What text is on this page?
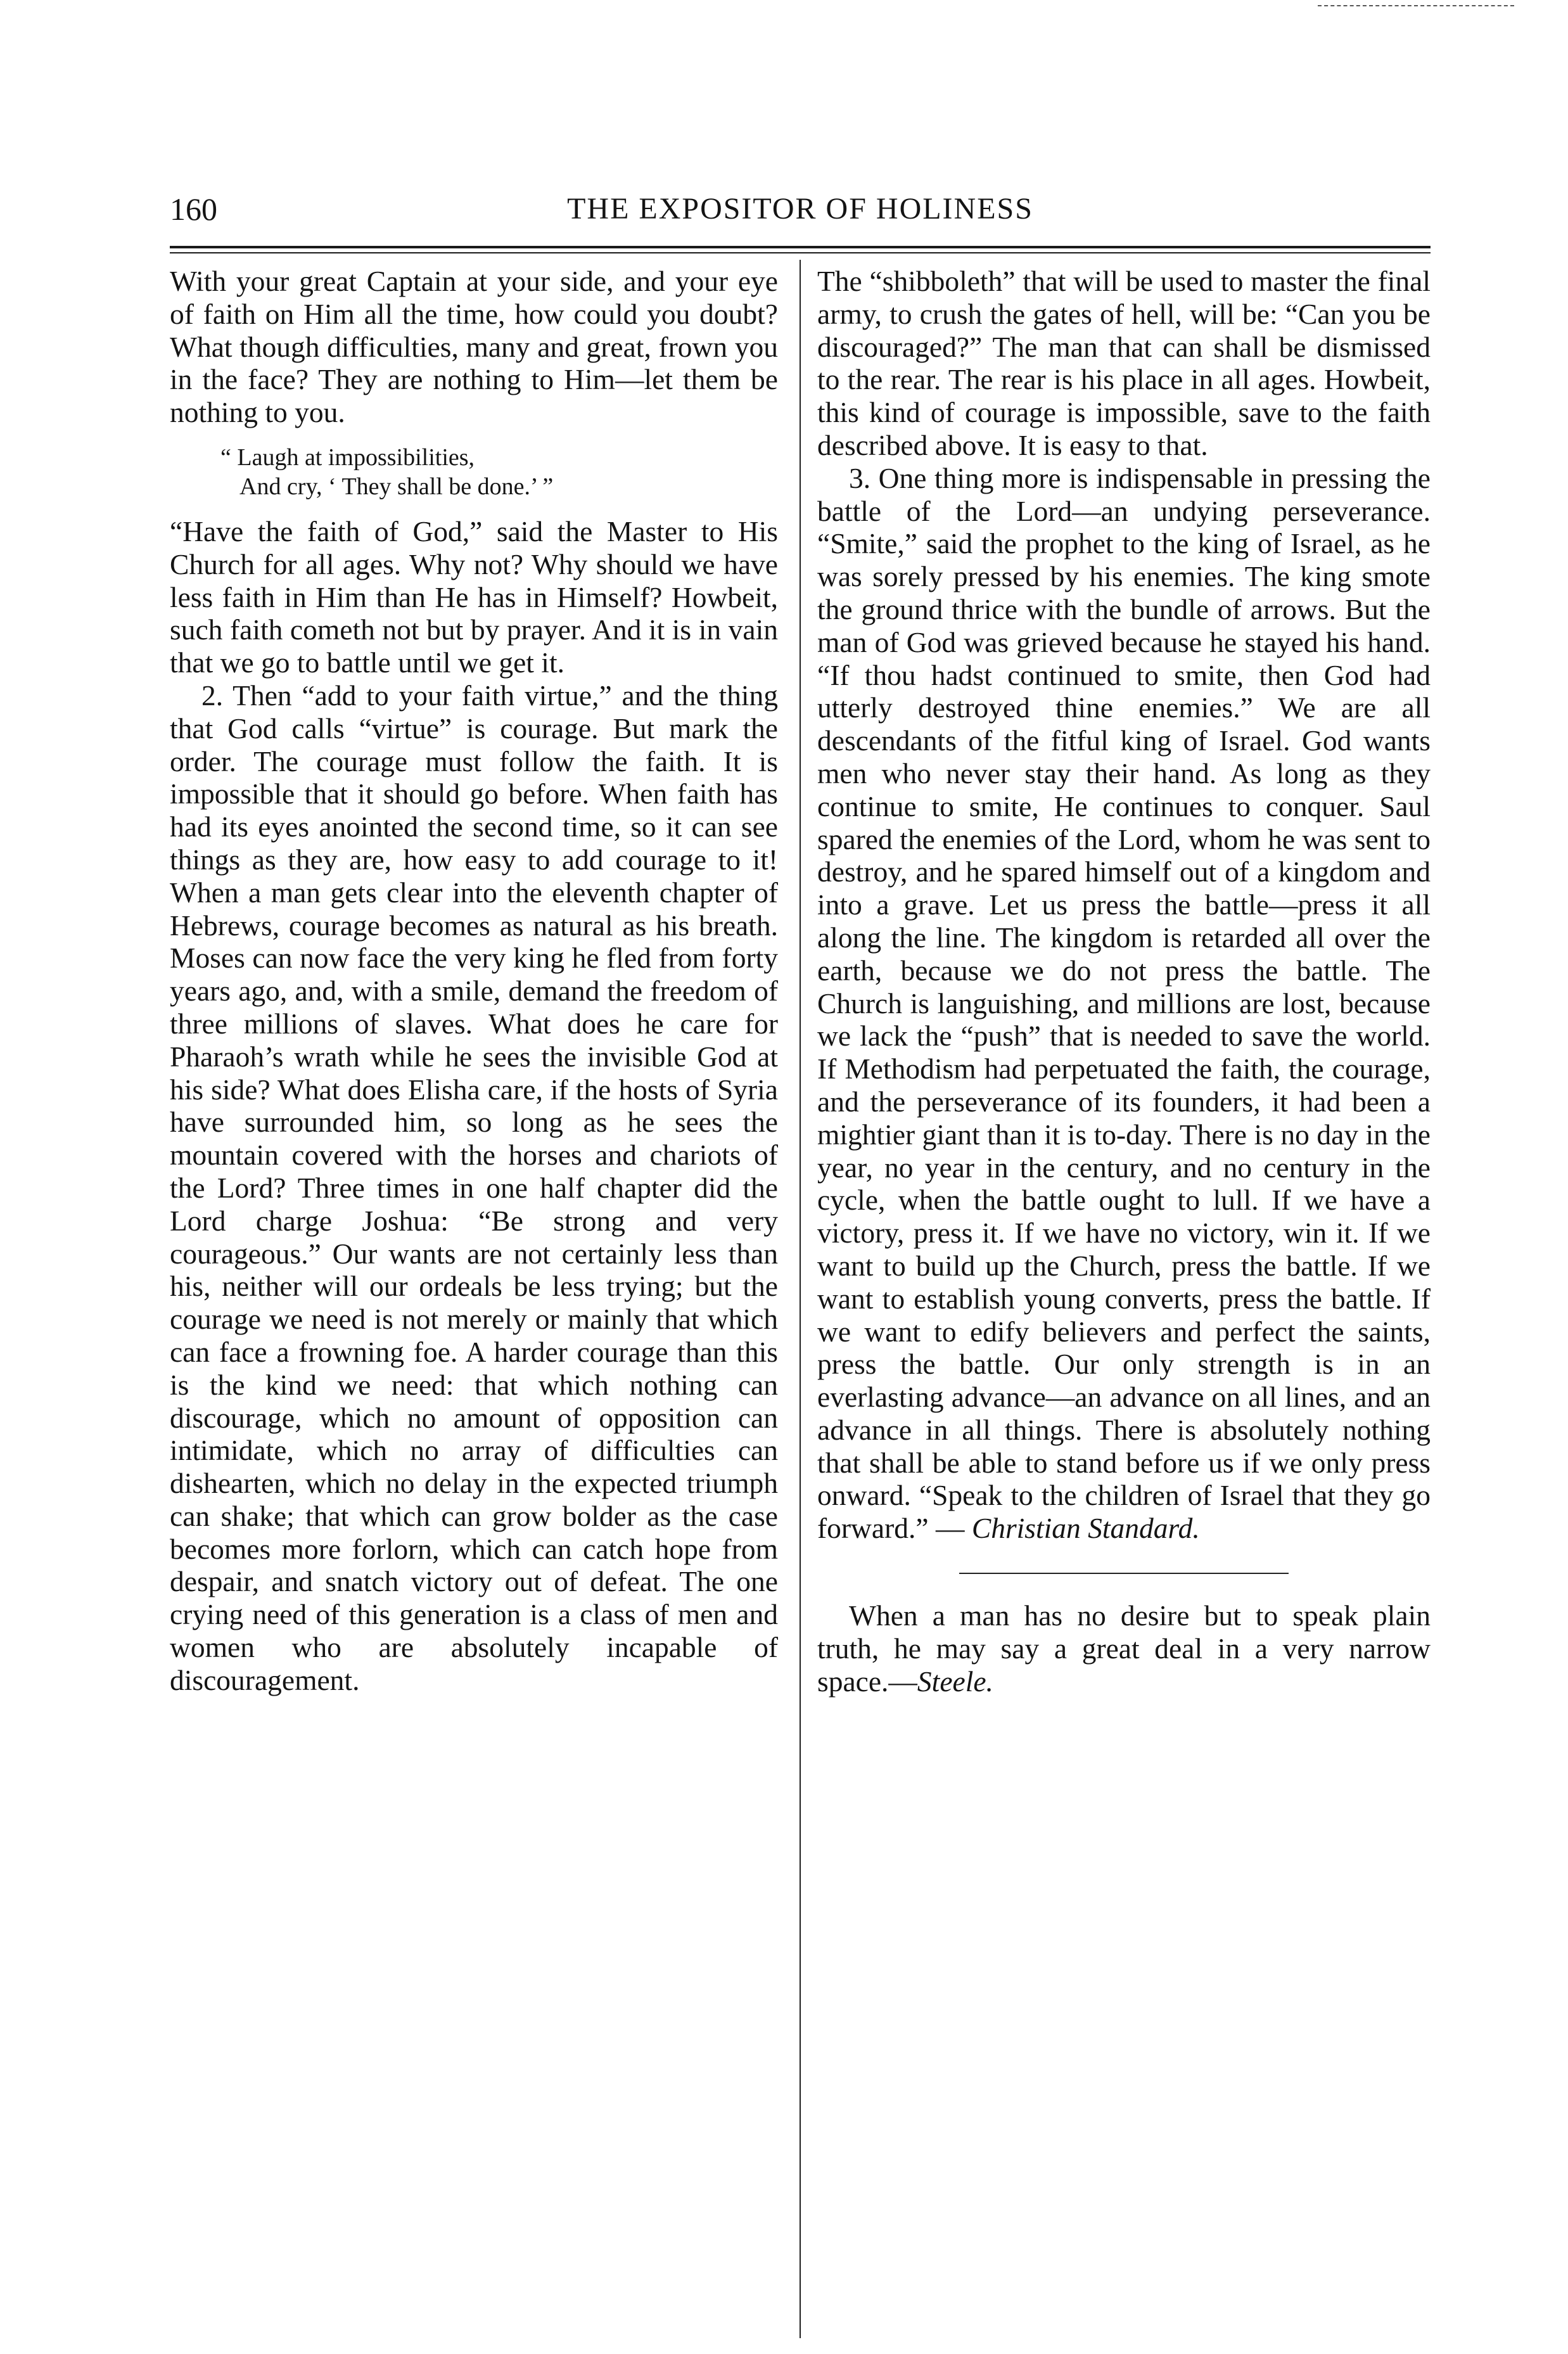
160	THE EXPOSITOR OF HOLINESS

With your great Captain at your side, and your eye of faith on Him all the time, how could you doubt? What though difficulties, many and great, frown you in the face? They are nothing to Him—let them be nothing to you.

“ Laugh at impossibilities,
And cry, ‘ They shall be done.’ ”

“Have the faith of God,” said the Master to His Church for all ages. Why not? Why should we have less faith in Him than He has in Himself? Howbeit, such faith cometh not but by prayer. And it is in vain that we go to battle until we get it.

2. Then “add to your faith virtue,” and the thing that God calls “virtue” is courage. But mark the order. The courage must follow the faith. It is impossible that it should go before. When faith has had its eyes anointed the second time, so it can see things as they are, how easy to add courage to it! When a man gets clear into the eleventh chapter of Hebrews, courage becomes as natural as his breath. Moses can now face the very king he fled from forty years ago, and, with a smile, demand the freedom of three millions of slaves. What does he care for Pharaoh’s wrath while he sees the invisible God at his side? What does Elisha care, if the hosts of Syria have surrounded him, so long as he sees the mountain covered with the horses and chariots of the Lord? Three times in one half chapter did the Lord charge Joshua: “Be strong and very courageous.” Our wants are not certainly less than his, neither will our ordeals be less trying; but the courage we need is not merely or mainly that which can face a frowning foe. A harder courage than this is the kind we need: that which nothing can discourage, which no amount of opposition can intimidate, which no array of difficulties can dishearten, which no delay in the expected triumph can shake; that which can grow bolder as the case becomes more forlorn, which can catch hope from despair, and snatch victory out of defeat. The one crying need of this generation is a class of men and women who are absolutely incapable of discouragement.

The “shibboleth” that will be used to master the final army, to crush the gates of hell, will be: “Can you be discouraged?” The man that can shall be dismissed to the rear. The rear is his place in all ages. Howbeit, this kind of courage is impossible, save to the faith described above. It is easy to that.

3. One thing more is indispensable in pressing the battle of the Lord—an undying perseverance. “Smite,” said the prophet to the king of Israel, as he was sorely pressed by his enemies. The king smote the ground thrice with the bundle of arrows. But the man of God was grieved because he stayed his hand. “If thou hadst continued to smite, then God had utterly destroyed thine enemies.” We are all descendants of the fitful king of Israel. God wants men who never stay their hand. As long as they continue to smite, He continues to conquer. Saul spared the enemies of the Lord, whom he was sent to destroy, and he spared himself out of a kingdom and into a grave. Let us press the battle—press it all along the line. The kingdom is retarded all over the earth, because we do not press the battle. The Church is languishing, and millions are lost, because we lack the “push” that is needed to save the world. If Methodism had perpetuated the faith, the courage, and the perseverance of its founders, it had been a mightier giant than it is to-day. There is no day in the year, no year in the century, and no century in the cycle, when the battle ought to lull. If we have a victory, press it. If we have no victory, win it. If we want to build up the Church, press the battle. If we want to establish young converts, press the battle. If we want to edify believers and perfect the saints, press the battle. Our only strength is in an everlasting advance—an advance on all lines, and an advance in all things. There is absolutely nothing that shall be able to stand before us if we only press onward. “Speak to the children of Israel that they go forward.” — Christian Standard.

When a man has no desire but to speak plain truth, he may say a great deal in a very narrow space.—Steele.
